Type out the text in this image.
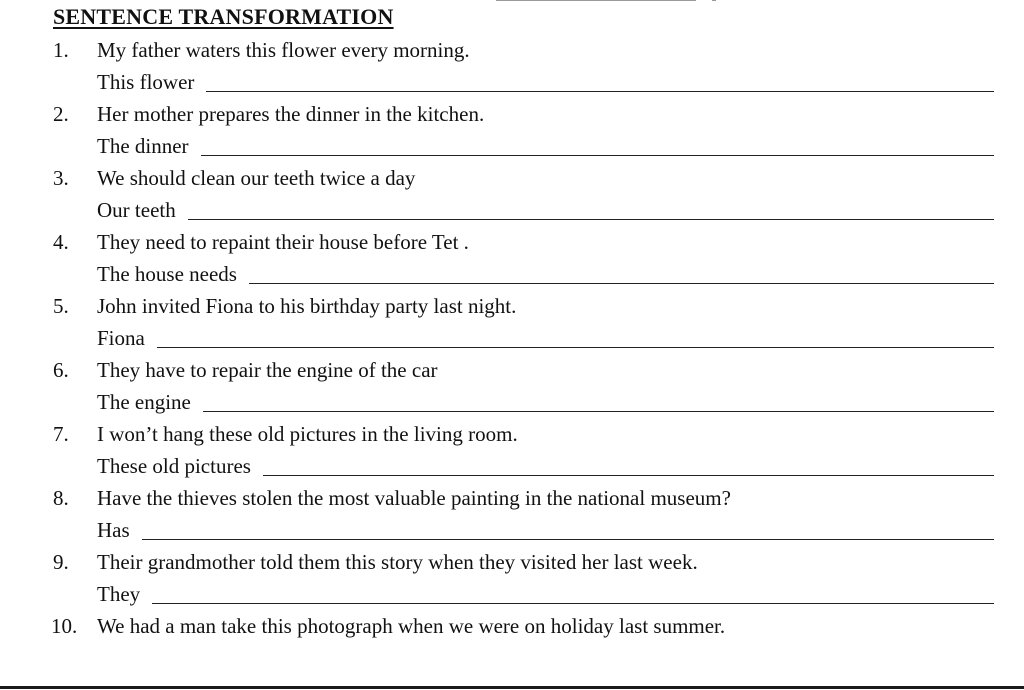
SENTENCE TRANSFORMATION
1.	My father waters this flower every morning.
This flower
2.	Her mother prepares the dinner in the kitchen.
The dinner
3.	We should clean our teeth twice a day
Our teeth
4.	They need to repaint their house before Tet .
The house needs
5.	John invited Fiona to his birthday party last night.
Fiona
6.	They have to repair the engine of the car
The engine
7.	I won’t hang these old pictures in the living room.
These old pictures
8.	Have the thieves stolen the most valuable painting in the national museum?
Has
9.	Their grandmother told them this story when they visited her last week.
They
10. We had a man take this photograph when we were on holiday last summer.
